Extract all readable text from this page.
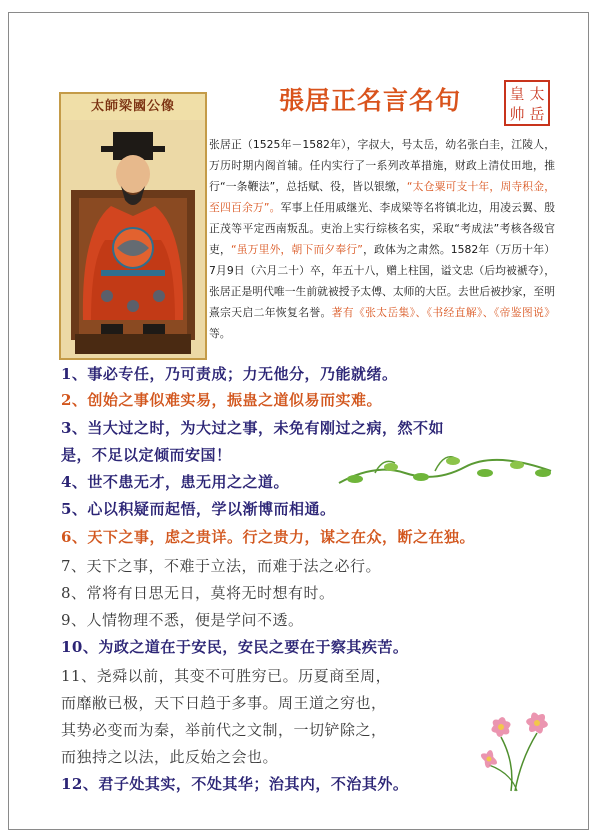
太師梁國公像	張居正名言名句	太
岳
皇
帅
张居正（1525年－1582年），字叔大，号太岳，幼名张白圭，江陵人，万历时期内阁首辅。任内实行了一系列改革措施，财政上清仗田地，推行“一条鞭法”，总括赋、役，皆以银缴，“太仓粟可支十年，周寺积金，至四百余万”。军事上任用戚继光、李成梁等名将镇北边，用凌云翼、殷正茂等平定西南叛乱。吏治上实行综核名实，采取“考成法”考核各级官吏，“虽万里外，朝下而夕奉行”，政体为之肃然。1582年（万历十年）7月9日（六月二十）卒，年五十八，赠上柱国，谥文忠（后均被褫夺），张居正是明代唯一生前就被授予太傅、太师的大臣。去世后被抄家，至明熹宗天启二年恢复名誉。著有《张太岳集》、《书经直解》、《帝鉴图说》等。
1、事必专任，乃可责成；力无他分，乃能就绪。
2、创始之事似难实易，振蛊之道似易而实难。
3、当大过之时，为大过之事，未免有刚过之病，然不如
是，不足以定倾而安国！
4、世不患无才，患无用之之道。
5、心以积疑而起悟，学以渐博而相通。
6、天下之事，虑之贵详。行之贵力，谋之在众，断之在独。
7、天下之事，不难于立法，而难于法之必行。
8、常将有日思无日，莫将无时想有时。
9、人情物理不悉，便是学问不透。
10、为政之道在于安民，安民之要在于察其疾苦。
11、尧舜以前，其变不可胜穷已。历夏商至周，
而靡敝已极，天下日趋于多事。周王道之穷也，
其势必变而为秦，举前代之文制，一切铲除之，
而独持之以法，此反始之会也。
12、君子处其实，不处其华；治其内，不治其外。
